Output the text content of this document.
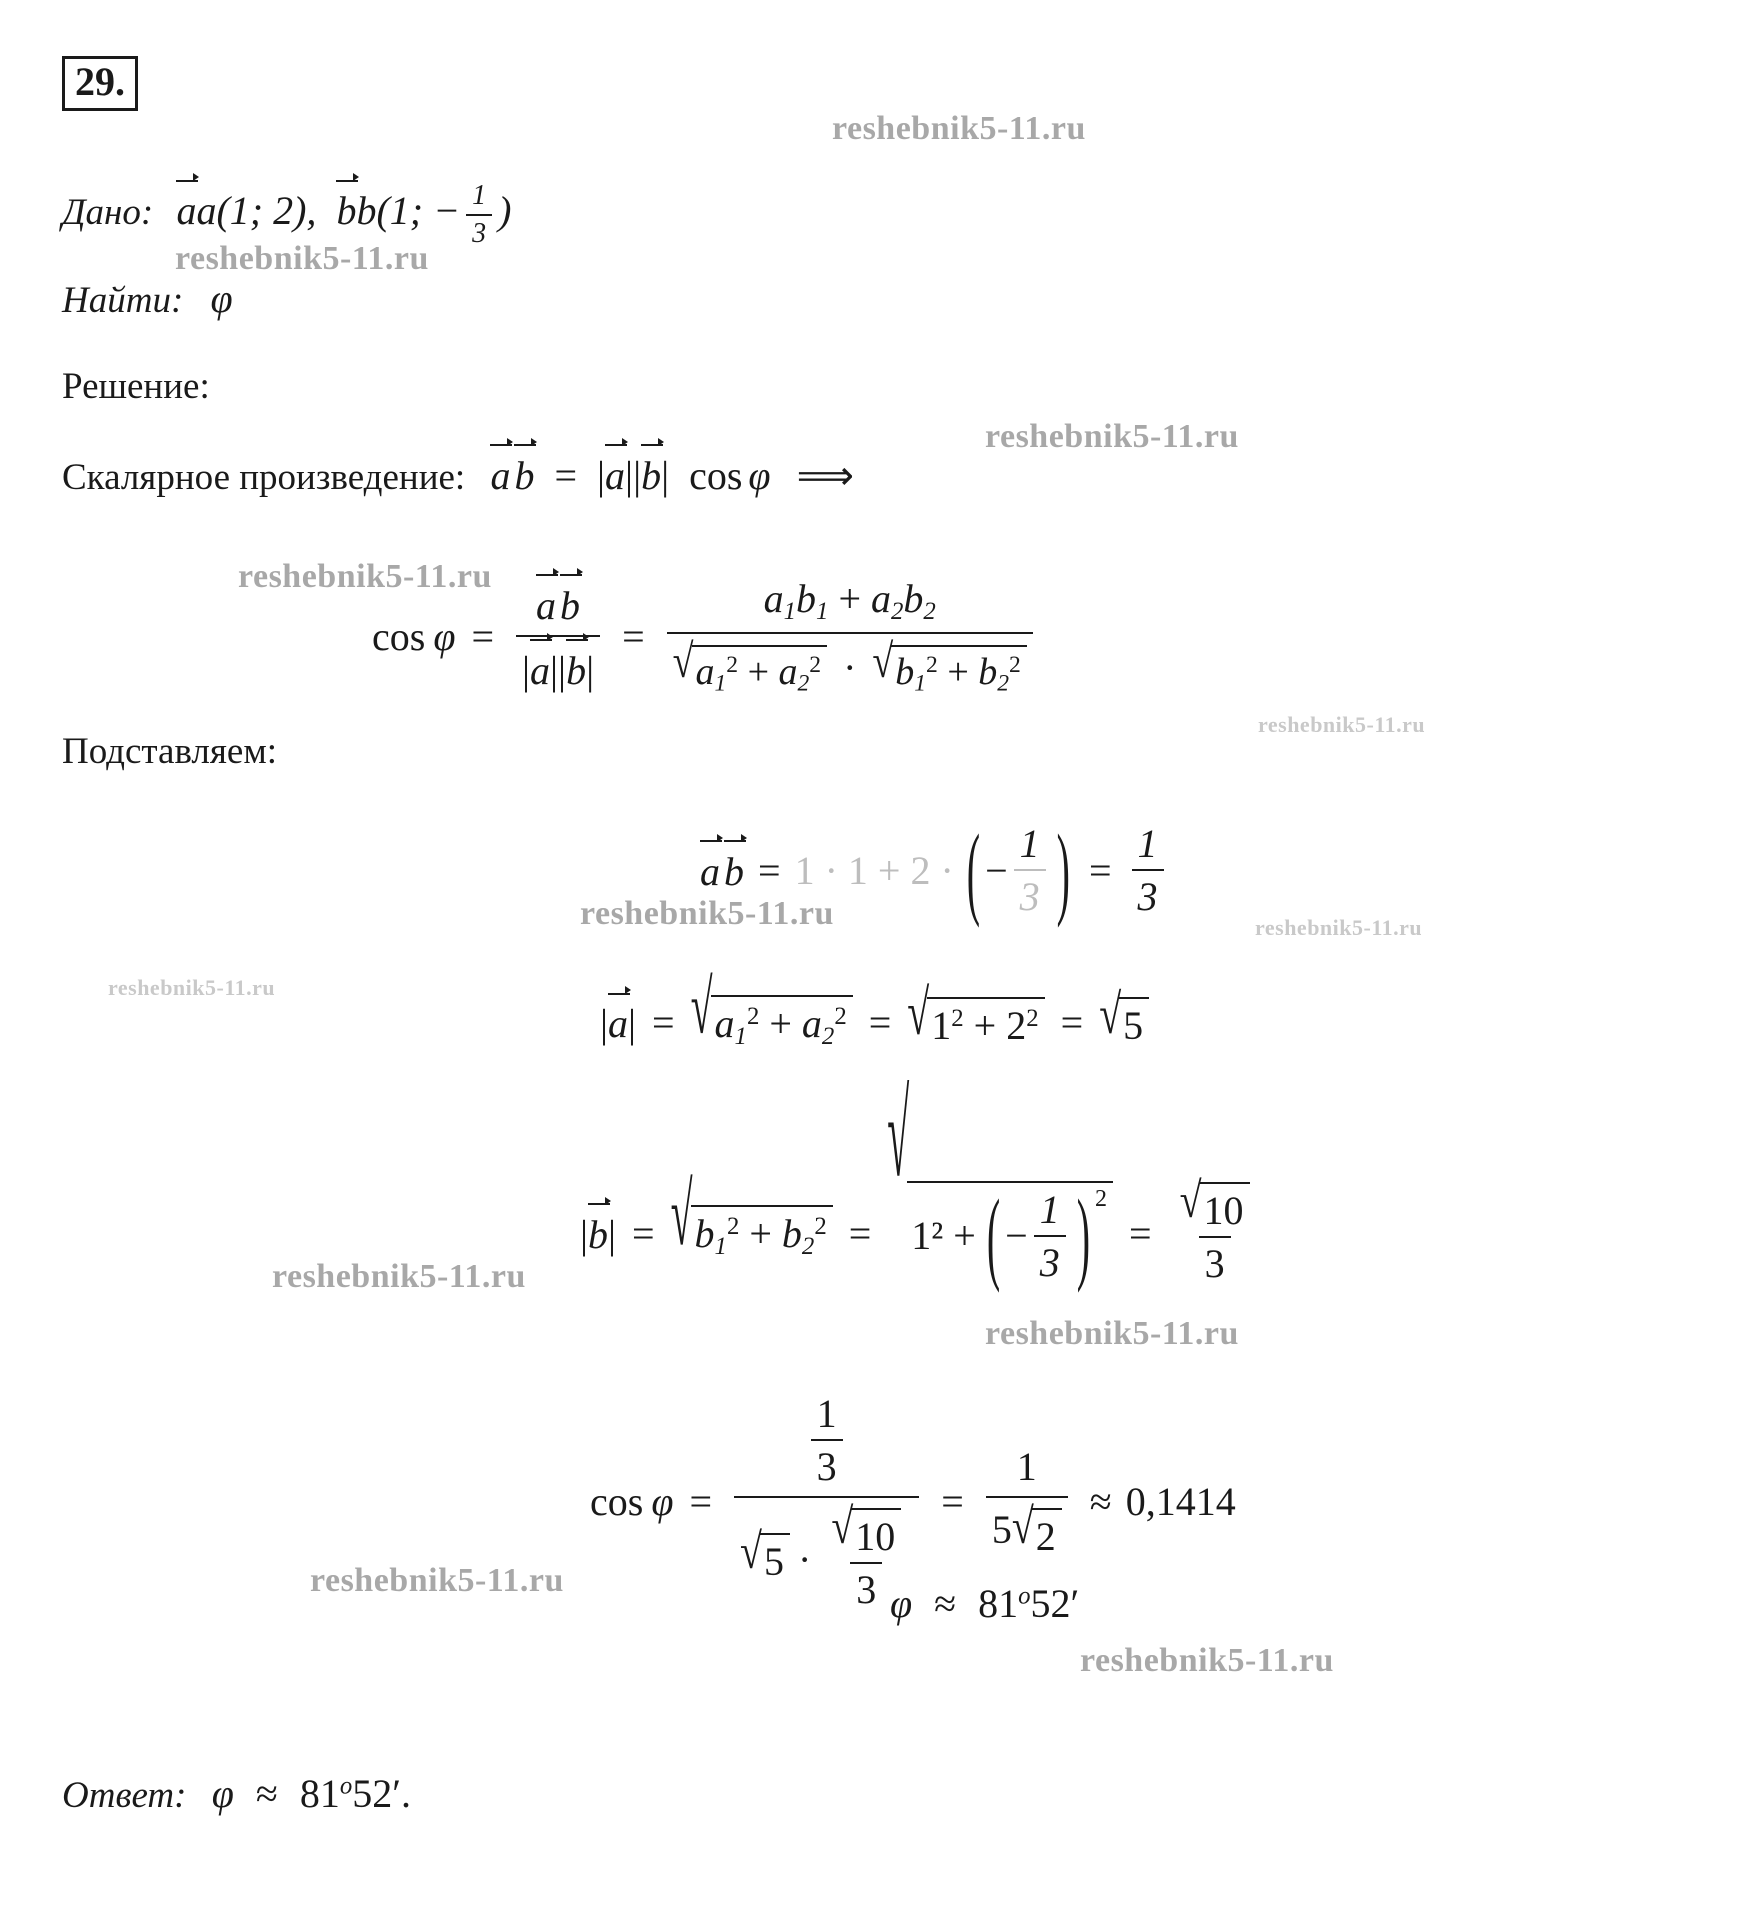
reshebnik5-11.ru
reshebnik5-11.ru
reshebnik5-11.ru
reshebnik5-11.ru
reshebnik5-11.ru
reshebnik5-11.ru	reshebnik5-11.ru
reshebnik5-11.ru
reshebnik5-11.ru
reshebnik5-11.ru
reshebnik5-11.ru
reshebnik5-11.ru
29.
Дано: aa(1; 2), bb(1; − $\frac{1}{3}$ )
Найти: φ
Решение:
Скалярное произведение: a b = |a||b| cos φ ⟹
$\cos \varphi = \frac{\text{a b}}{|a||b|} = \frac{a_1b_1 + a_2b_2}{√ a_1^2 + a_2^2 \cdot √ b_1^2 + b_2^2}$
Подставляем:
a b = 1 · 1 + 2 · ( − $\frac{1}{3}$ ) = $\frac{1}{3}$
|a| = √ $a_1^2 + a_2^2$ = √ $1^2 + 2^2$ = √ 5
|b| = √ $b_1^2 + b_2^2$ =
√
1² + ( − $\frac{1}{3}$ ) 2
= $\frac{√ 10}{3}$
$\cos \varphi = \frac{\frac{1}{3}}{√ 5 \cdot \frac{√ 10}{3}} = \frac{1}{5 √ 2} \approx 0,1414$
$\varphi \approx 81^o52'$
Ответ: $\varphi \approx 81^o52'$.
